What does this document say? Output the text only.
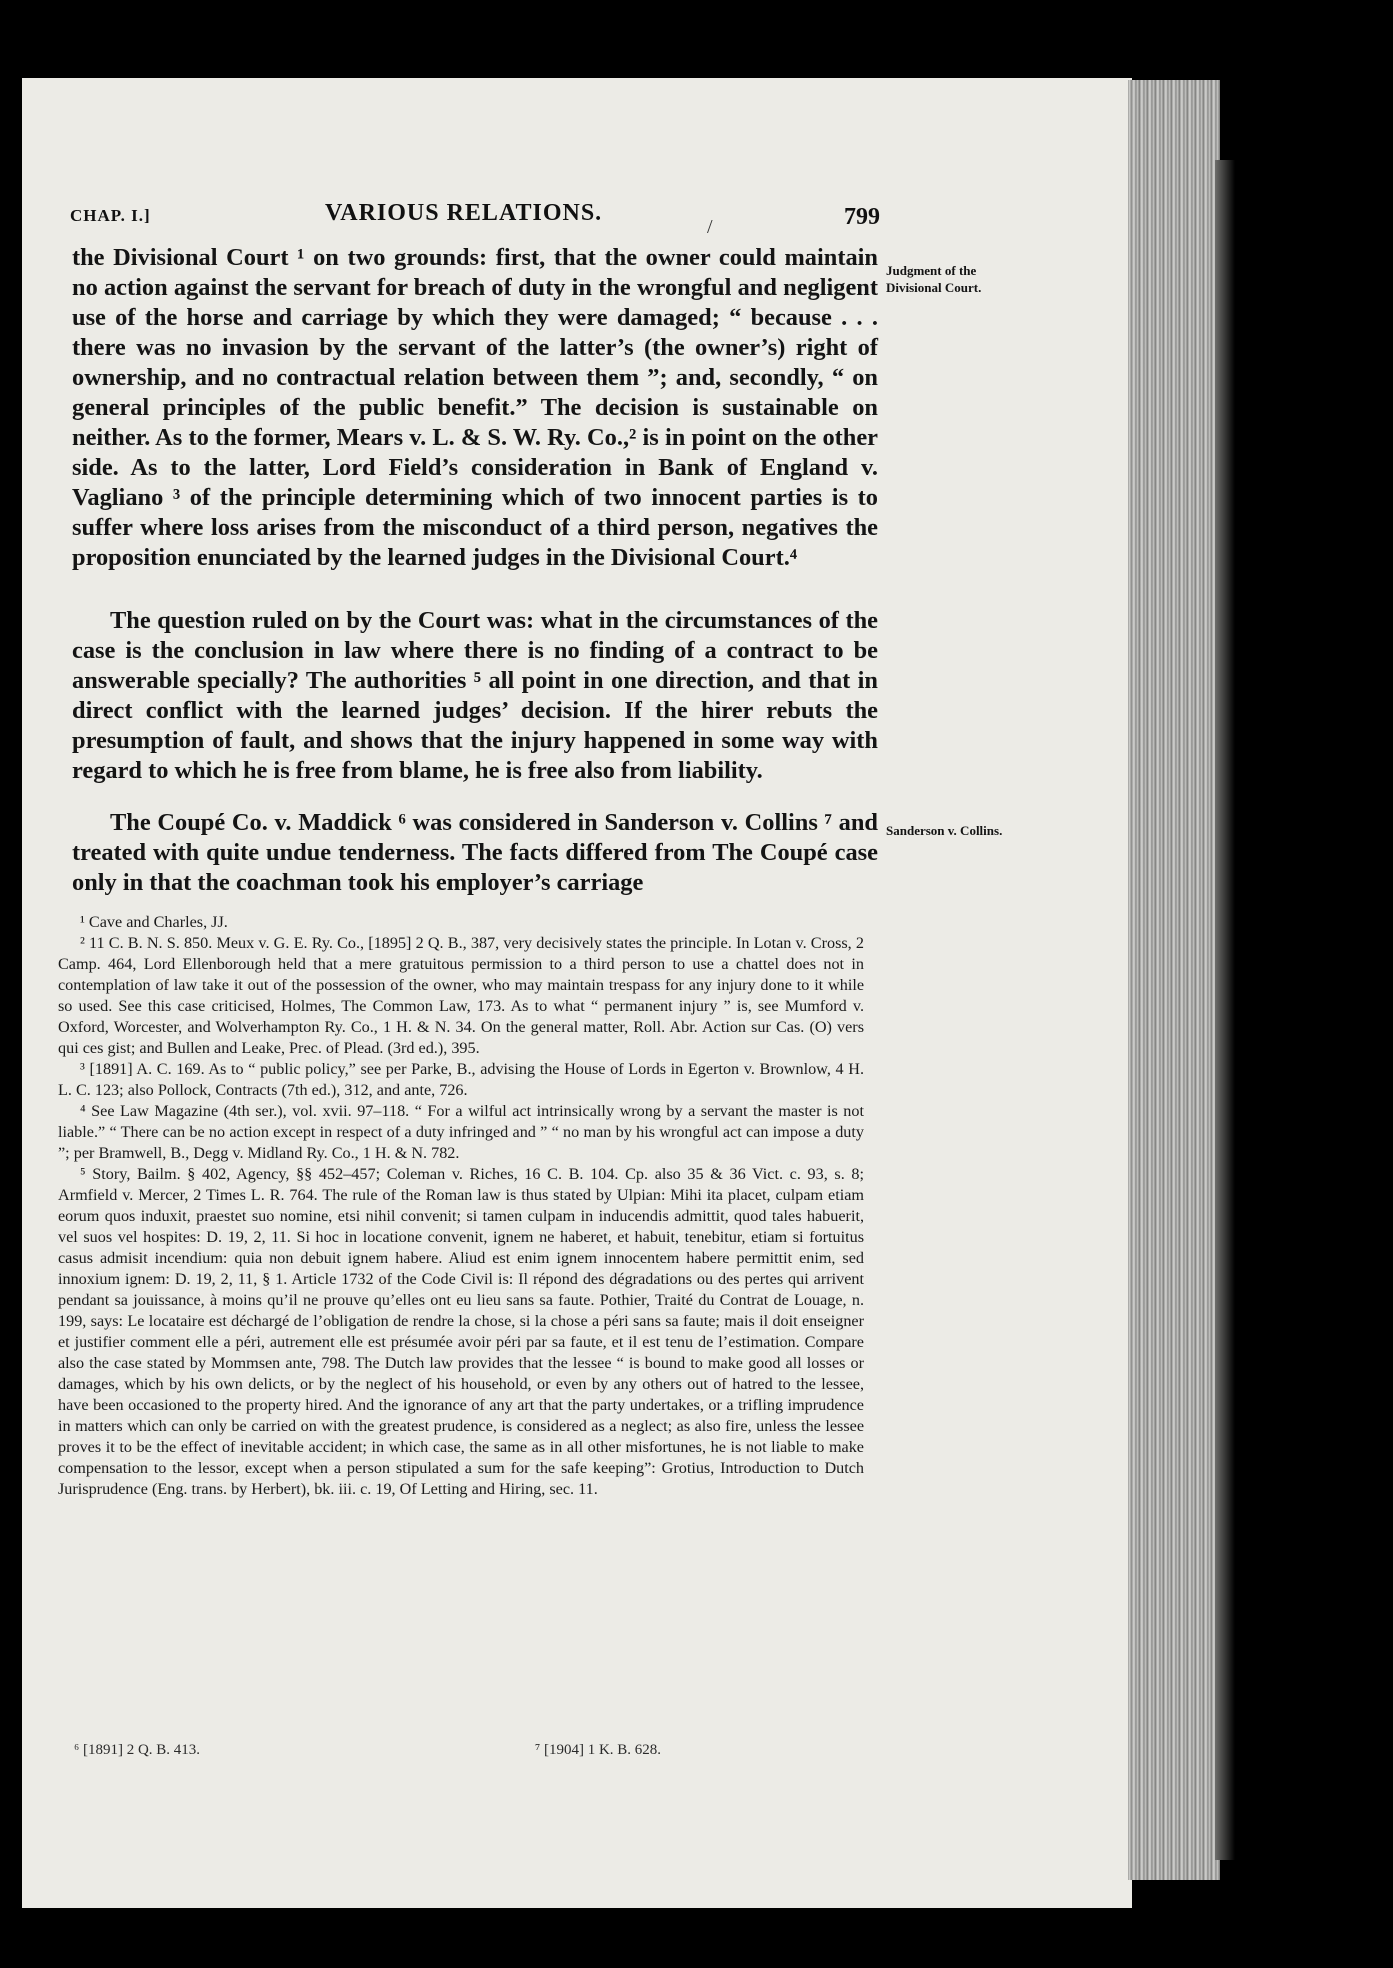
CHAP. I.]	VARIOUS RELATIONS.	799
/
the Divisional Court ¹ on two grounds: first, that the owner could maintain no action against the servant for breach of duty in the wrongful and negligent use of the horse and carriage by which they were damaged; “ because . . . there was no invasion by the servant of the latter’s (the owner’s) right of ownership, and no contractual relation between them ”; and, secondly, “ on general principles of the public benefit.” The decision is sustainable on neither. As to the former, Mears v. L. & S. W. Ry. Co.,² is in point on the other side. As to the latter, Lord Field’s consideration in Bank of England v. Vagliano ³ of the principle determining which of two innocent parties is to suffer where loss arises from the misconduct of a third person, negatives the proposition enunciated by the learned judges in the Divisional Court.⁴
The question ruled on by the Court was: what in the circumstances of the case is the conclusion in law where there is no finding of a contract to be answerable specially? The authorities ⁵ all point in one direction, and that in direct conflict with the learned judges’ decision. If the hirer rebuts the presumption of fault, and shows that the injury happened in some way with regard to which he is free from blame, he is free also from liability.
The Coupé Co. v. Maddick ⁶ was considered in Sanderson v. Collins ⁷ and treated with quite undue tenderness. The facts differed from The Coupé case only in that the coachman took his employer’s carriage
Judgment of the Divisional Court.
Sanderson v. Collins.

¹ Cave and Charles, JJ.

² 11 C. B. N. S. 850. Meux v. G. E. Ry. Co., [1895] 2 Q. B., 387, very decisively states the principle. In Lotan v. Cross, 2 Camp. 464, Lord Ellenborough held that a mere gratuitous permission to a third person to use a chattel does not in contemplation of law take it out of the possession of the owner, who may maintain trespass for any injury done to it while so used. See this case criticised, Holmes, The Common Law, 173. As to what “ permanent injury ” is, see Mumford v. Oxford, Worcester, and Wolverhampton Ry. Co., 1 H. & N. 34. On the general matter, Roll. Abr. Action sur Cas. (O) vers qui ces gist; and Bullen and Leake, Prec. of Plead. (3rd ed.), 395.

³ [1891] A. C. 169. As to “ public policy,” see per Parke, B., advising the House of Lords in Egerton v. Brownlow, 4 H. L. C. 123; also Pollock, Contracts (7th ed.), 312, and ante, 726.

⁴ See Law Magazine (4th ser.), vol. xvii. 97–118. “ For a wilful act intrinsically wrong by a servant the master is not liable.” “ There can be no action except in respect of a duty infringed and ” “ no man by his wrongful act can impose a duty ”; per Bramwell, B., Degg v. Midland Ry. Co., 1 H. & N. 782.

⁵ Story, Bailm. § 402, Agency, §§ 452–457; Coleman v. Riches, 16 C. B. 104. Cp. also 35 & 36 Vict. c. 93, s. 8; Armfield v. Mercer, 2 Times L. R. 764. The rule of the Roman law is thus stated by Ulpian: Mihi ita placet, culpam etiam eorum quos induxit, praestet suo nomine, etsi nihil convenit; si tamen culpam in inducendis admittit, quod tales habuerit, vel suos vel hospites: D. 19, 2, 11. Si hoc in locatione convenit, ignem ne haberet, et habuit, tenebitur, etiam si fortuitus casus admisit incendium: quia non debuit ignem habere. Aliud est enim ignem innocentem habere permittit enim, sed innoxium ignem: D. 19, 2, 11, § 1. Article 1732 of the Code Civil is: Il répond des dégradations ou des pertes qui arrivent pendant sa jouissance, à moins qu’il ne prouve qu’elles ont eu lieu sans sa faute. Pothier, Traité du Contrat de Louage, n. 199, says: Le locataire est déchargé de l’obligation de rendre la chose, si la chose a péri sans sa faute; mais il doit enseigner et justifier comment elle a péri, autrement elle est présumée avoir péri par sa faute, et il est tenu de l’estimation. Compare also the case stated by Mommsen ante, 798. The Dutch law provides that the lessee “ is bound to make good all losses or damages, which by his own delicts, or by the neglect of his household, or even by any others out of hatred to the lessee, have been occasioned to the property hired. And the ignorance of any art that the party undertakes, or a trifling imprudence in matters which can only be carried on with the greatest prudence, is considered as a neglect; as also fire, unless the lessee proves it to be the effect of inevitable accident; in which case, the same as in all other misfortunes, he is not liable to make compensation to the lessor, except when a person stipulated a sum for the safe keeping”: Grotius, Introduction to Dutch Jurisprudence (Eng. trans. by Herbert), bk. iii. c. 19, Of Letting and Hiring, sec. 11.

⁶ [1891] 2 Q. B. 413.	⁷ [1904] 1 K. B. 628.
